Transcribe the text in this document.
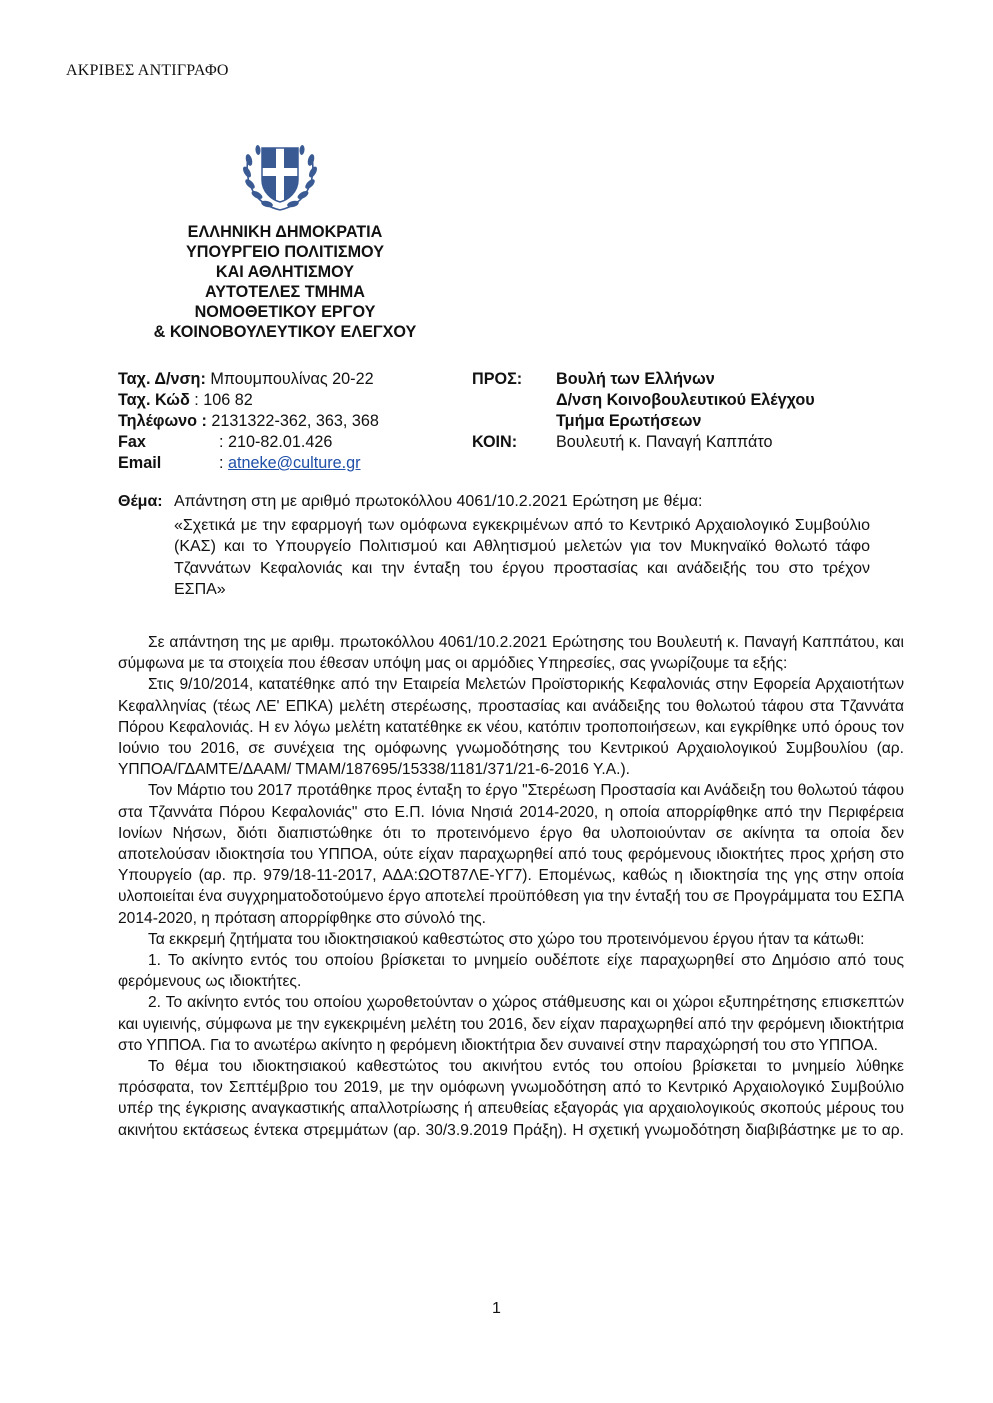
ΑΚΡΙΒΕΣ ΑΝΤΙΓΡΑΦΟ
ΕΛΛΗΝΙΚΗ ΔΗΜΟΚΡΑΤΙΑ
ΥΠΟΥΡΓΕΙΟ ΠΟΛΙΤΙΣΜΟΥ
ΚΑΙ ΑΘΛΗΤΙΣΜΟΥ
ΑΥΤΟΤΕΛΕΣ ΤΜΗΜΑ
ΝΟΜΟΘΕΤΙΚΟΥ ΕΡΓΟΥ
& ΚΟΙΝΟΒΟΥΛΕΥΤΙΚΟΥ ΕΛΕΓΧΟΥ
Ταχ. Δ/νση: Μπουμπουλίνας 20-22
Ταχ. Κώδ : 106 82
Τηλέφωνο : 2131322-362, 363, 368
Fax	: 210-82.01.426
Email	: atneke@culture.gr
ΠΡΟΣ: Βουλή των Ελλήνων
Δ/νση Κοινοβουλευτικού Ελέγχου
Τμήμα Ερωτήσεων
ΚΟΙΝ: Βουλευτή κ. Παναγή Καππάτο
Θέμα: Απάντηση στη με αριθμό πρωτοκόλλου 4061/10.2.2021 Ερώτηση με θέμα:
«Σχετικά με την εφαρμογή των ομόφωνα εγκεκριμένων από το Κεντρικό Αρχαιολογικό Συμβούλιο (ΚΑΣ) και το Υπουργείο Πολιτισμού και Αθλητισμού μελετών για τον Μυκηναϊκό θολωτό τάφο Τζαννάτων Κεφαλονιάς και την ένταξη του έργου προστασίας και ανάδειξής του στο τρέχον ΕΣΠΑ»

Σε απάντηση της με αριθμ. πρωτοκόλλου 4061/10.2.2021 Ερώτησης του Βουλευτή κ. Παναγή Καππάτου, και σύμφωνα με τα στοιχεία που έθεσαν υπόψη μας οι αρμόδιες Υπηρεσίες, σας γνωρίζουμε τα εξής:

Στις 9/10/2014, κατατέθηκε από την Εταιρεία Μελετών Προϊστορικής Κεφαλονιάς στην Εφορεία Αρχαιοτήτων Κεφαλληνίας (τέως ΛΕ' ΕΠΚΑ) μελέτη στερέωσης, προστασίας και ανάδειξης του θολωτού τάφου στα Τζαννάτα Πόρου Κεφαλονιάς. Η εν λόγω μελέτη κατατέθηκε εκ νέου, κατόπιν τροποποιήσεων, και εγκρίθηκε υπό όρους τον Ιούνιο του 2016, σε συνέχεια της ομόφωνης γνωμοδότησης του Κεντρικού Αρχαιολογικού Συμβουλίου (αρ. ΥΠΠΟΑ/ΓΔΑΜΤΕ/ΔΑΑΜ/ ΤΜΑΜ/187695/15338/1181/371/21-6-2016 Υ.Α.).

Τον Μάρτιο του 2017 προτάθηκε προς ένταξη το έργο "Στερέωση Προστασία και Ανάδειξη του θολωτού τάφου στα Τζαννάτα Πόρου Κεφαλονιάς" στο Ε.Π. Ιόνια Νησιά 2014-2020, η οποία απορρίφθηκε από την Περιφέρεια Ιονίων Νήσων, διότι διαπιστώθηκε ότι το προτεινόμενο έργο θα υλοποιούνταν σε ακίνητα τα οποία δεν αποτελούσαν ιδιοκτησία του ΥΠΠΟΑ, ούτε είχαν παραχωρηθεί από τους φερόμενους ιδιοκτήτες προς χρήση στο Υπουργείο (αρ. πρ. 979/18-11-2017, ΑΔΑ:ΩΟΤ87ΛΕ-ΥΓ7). Επομένως, καθώς η ιδιοκτησία της γης στην οποία υλοποιείται ένα συγχρηματοδοτούμενο έργο αποτελεί προϋπόθεση για την ένταξή του σε Προγράμματα του ΕΣΠΑ 2014-2020, η πρόταση απορρίφθηκε στο σύνολό της.

Τα εκκρεμή ζητήματα του ιδιοκτησιακού καθεστώτος στο χώρο του προτεινόμενου έργου ήταν τα κάτωθι:

1. Το ακίνητο εντός του οποίου βρίσκεται το μνημείο ουδέποτε είχε παραχωρηθεί στο Δημόσιο από τους φερόμενους ως ιδιοκτήτες.

2. Το ακίνητο εντός του οποίου χωροθετούνταν ο χώρος στάθμευσης και οι χώροι εξυπηρέτησης επισκεπτών και υγιεινής, σύμφωνα με την εγκεκριμένη μελέτη του 2016, δεν είχαν παραχωρηθεί από την φερόμενη ιδιοκτήτρια στο ΥΠΠΟΑ. Για το ανωτέρω ακίνητο η φερόμενη ιδιοκτήτρια δεν συναινεί στην παραχώρησή του στο ΥΠΠΟΑ.

Το θέμα του ιδιοκτησιακού καθεστώτος του ακινήτου εντός του οποίου βρίσκεται το μνημείο λύθηκε πρόσφατα, τον Σεπτέμβριο του 2019, με την ομόφωνη γνωμοδότηση από το Κεντρικό Αρχαιολογικό Συμβούλιο υπέρ της έγκρισης αναγκαστικής απαλλοτρίωσης ή απευθείας εξαγοράς για αρχαιολογικούς σκοπούς μέρους του ακινήτου εκτάσεως έντεκα στρεμμάτων (αρ. 30/3.9.2019 Πράξη). Η σχετική γνωμοδότηση διαβιβάστηκε με το αρ.

1
